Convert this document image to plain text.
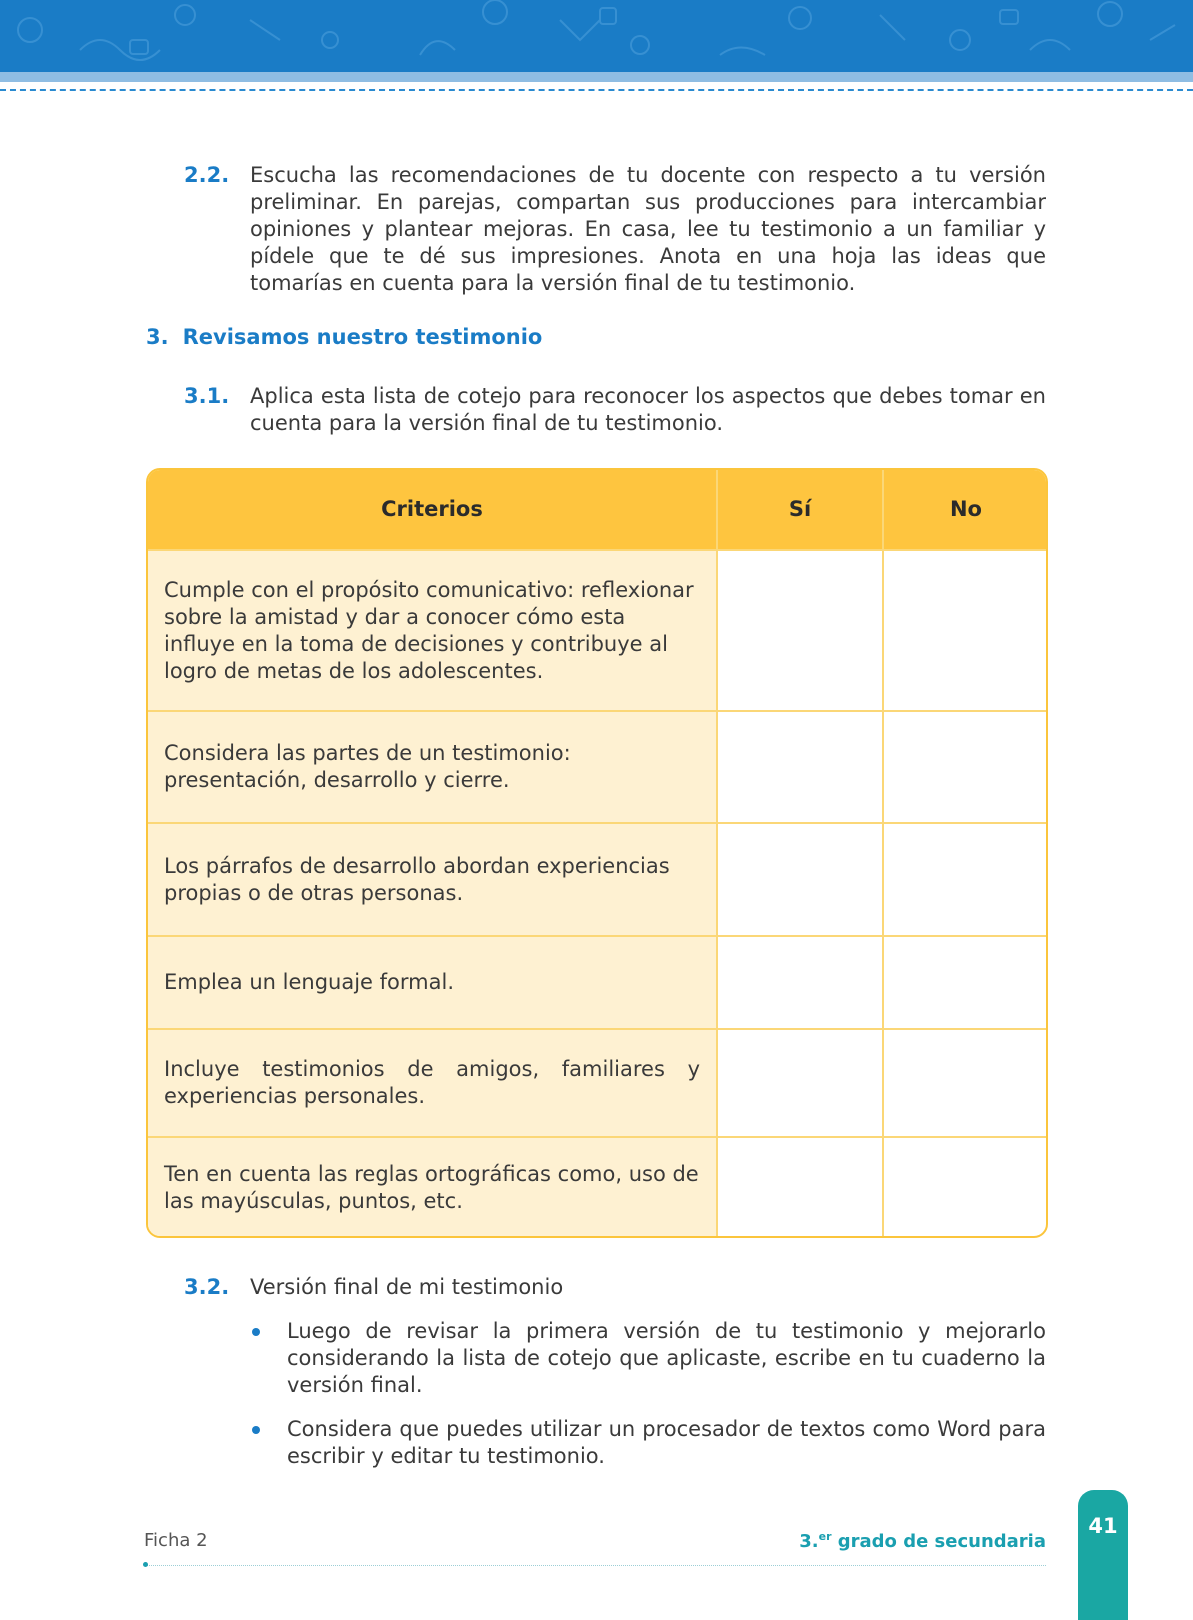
2.2. Escucha las recomendaciones de tu docente con respecto a tu versión preliminar. En parejas, compartan sus producciones para intercambiar opiniones y plantear mejoras. En casa, lee tu testimonio a un familiar y pídele que te dé sus impresiones. Anota en una hoja las ideas que tomarías en cuenta para la versión final de tu testimonio.
3. Revisamos nuestro testimonio
3.1. Aplica esta lista de cotejo para reconocer los aspectos que debes tomar en cuenta para la versión final de tu testimonio.
Criterios	Sí	No
Cumple con el propósito comunicativo: reflexionar sobre la amistad y dar a conocer cómo esta influye en la toma de decisiones y contribuye al logro de metas de los adolescentes.
Considera las partes de un testimonio: presentación, desarrollo y cierre.
Los párrafos de desarrollo abordan experiencias propias o de otras personas.
Emplea un lenguaje formal.
Incluye testimonios de amigos, familiares y experiencias personales.
Ten en cuenta las reglas ortográficas como, uso de las mayúsculas, puntos, etc.
3.2. Versión final de mi testimonio
Luego de revisar la primera versión de tu testimonio y mejorarlo considerando la lista de cotejo que aplicaste, escribe en tu cuaderno la versión final.
Considera que puedes utilizar un procesador de textos como Word para escribir y editar tu testimonio.
Ficha 2	3.$^{er}$ grado de secundaria
41
